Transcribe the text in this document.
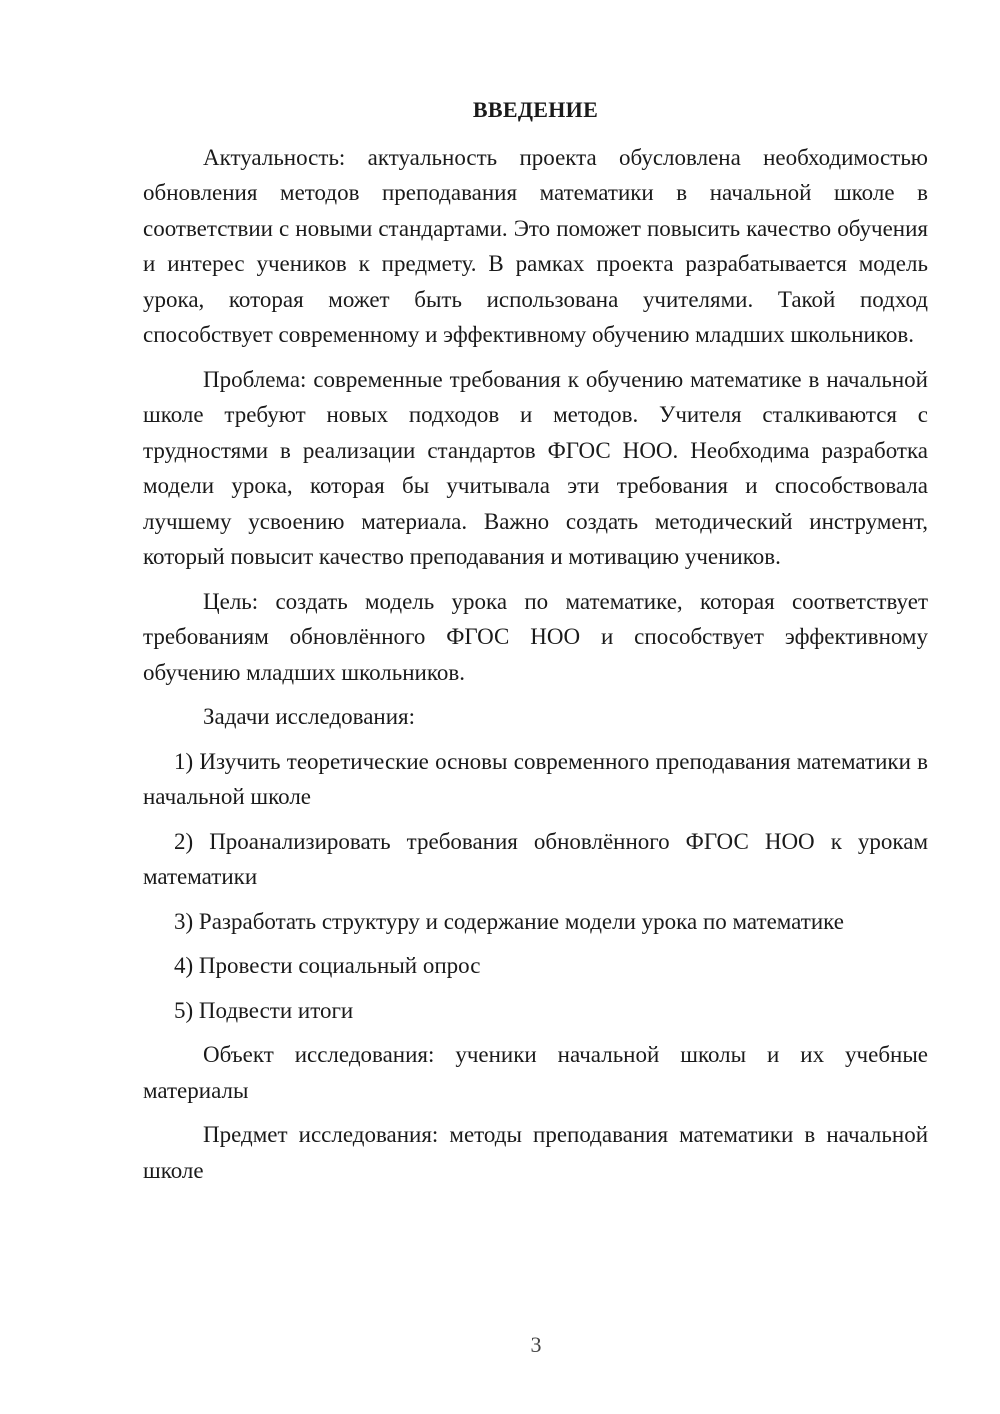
ВВЕДЕНИЕ

Актуальность: актуальность проекта обусловлена необходимостью обновления методов преподавания математики в начальной школе в соответствии с новыми стандартами. Это поможет повысить качество обучения и интерес учеников к предмету. В рамках проекта разрабатывается модель урока, которая может быть использована учителями. Такой подход способствует современному и эффективному обучению младших школьников.

Проблема: современные требования к обучению математике в начальной школе требуют новых подходов и методов. Учителя сталкиваются с трудностями в реализации стандартов ФГОС НОО. Необходима разработка модели урока, которая бы учитывала эти требования и способствовала лучшему усвоению материала. Важно создать методический инструмент, который повысит качество преподавания и мотивацию учеников.

Цель: создать модель урока по математике, которая соответствует требованиям обновлённого ФГОС НОО и способствует эффективному обучению младших школьников.

Задачи исследования:

1) Изучить теоретические основы современного преподавания математики в начальной школе

2) Проанализировать требования обновлённого ФГОС НОО к урокам математики

3) Разработать структуру и содержание модели урока по математике

4) Провести социальный опрос

5) Подвести итоги

Объект исследования: ученики начальной школы и их учебные материалы

Предмет исследования: методы преподавания математики в начальной школе

3
